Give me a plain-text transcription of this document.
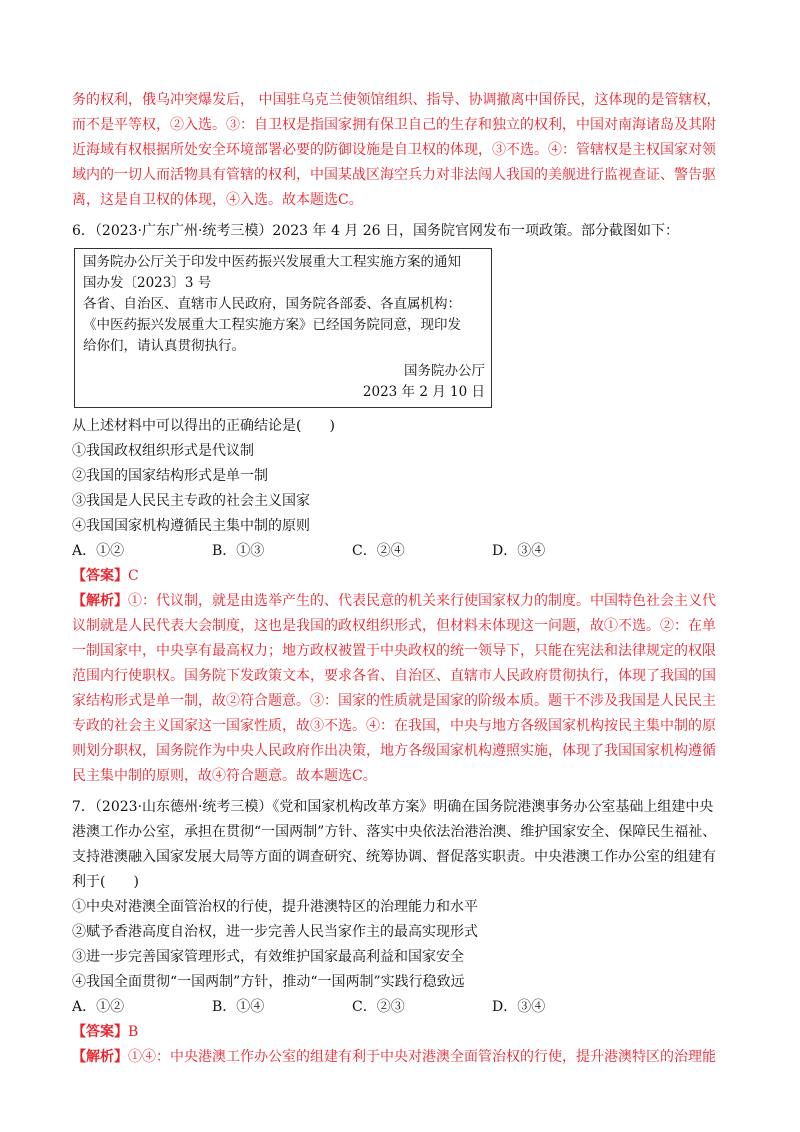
务的权利，俄乌冲突爆发后， 中国驻乌克兰使领馆组织、指导、协调撤离中国侨民，这体现的是管辖权，

而不是平等权，②入选。③：自卫权是指国家拥有保卫自己的生存和独立的权利，中国对南海诸岛及其附

近海域有权根据所处安全环境部署必要的防御设施是自卫权的体现，③不选。④：管辖权是主权国家对领

域内的一切人而活物具有管辖的权利，中国某战区海空兵力对非法闯人我国的美舰进行监视查证、警告驱

离，这是自卫权的体现，④入选。故本题选C。

6．（2023·广东广州·统考三模）2023 年 4 月 26 日，国务院官网发布一项政策。部分截图如下：

国务院办公厅关于印发中医药振兴发展重大工程实施方案的通知
国办发〔2023〕3 号
各省、自治区、直辖市人民政府，国务院各部委、各直属机构：
《中医药振兴发展重大工程实施方案》已经国务院同意，现印发
给你们，请认真贯彻执行。
国务院办公厅
2023 年 2 月 10 日

从上述材料中可以得出的正确结论是(　　)

①我国政权组织形式是代议制

②我国的国家结构形式是单一制

③我国是人民民主专政的社会主义国家

④我国国家机构遵循民主集中制的原则

A．①②	B．①③	C．②④	D．③④

【答案】C

【解析】①：代议制，就是由选举产生的、代表民意的机关来行使国家权力的制度。中国特色社会主义代

议制就是人民代表大会制度，这也是我国的政权组织形式，但材料未体现这一问题，故①不选。②：在单

一制国家中，中央享有最高权力；地方政权被置于中央政权的统一领导下，只能在宪法和法律规定的权限

范围内行使职权。国务院下发政策文本，要求各省、自治区、直辖市人民政府贯彻执行，体现了我国的国

家结构形式是单一制，故②符合题意。③：国家的性质就是国家的阶级本质。题干不涉及我国是人民民主

专政的社会主义国家这一国家性质，故③不选。④：在我国，中央与地方各级国家机构按民主集中制的原

则划分职权，国务院作为中央人民政府作出决策，地方各级国家机构遵照实施，体现了我国国家机构遵循

民主集中制的原则，故④符合题意。故本题选C。

7．（2023·山东德州·统考三模）《党和国家机构改革方案》明确在国务院港澳事务办公室基础上组建中央

港澳工作办公室，承担在贯彻“一国两制”方针、落实中央依法治港治澳、维护国家安全、保障民生福祉、

支持港澳融入国家发展大局等方面的调查研究、统筹协调、督促落实职责。中央港澳工作办公室的组建有

利于(　　)

①中央对港澳全面管治权的行使，提升港澳特区的治理能力和水平

②赋予香港高度自治权，进一步完善人民当家作主的最高实现形式

③进一步完善国家管理形式，有效维护国家最高利益和国家安全

④我国全面贯彻“一国两制”方针，推动“一国两制”实践行稳致远

A．①②	B．①④	C．②③	D．③④

【答案】B

【解析】①④：中央港澳工作办公室的组建有利于中央对港澳全面管治权的行使，提升港澳特区的治理能
